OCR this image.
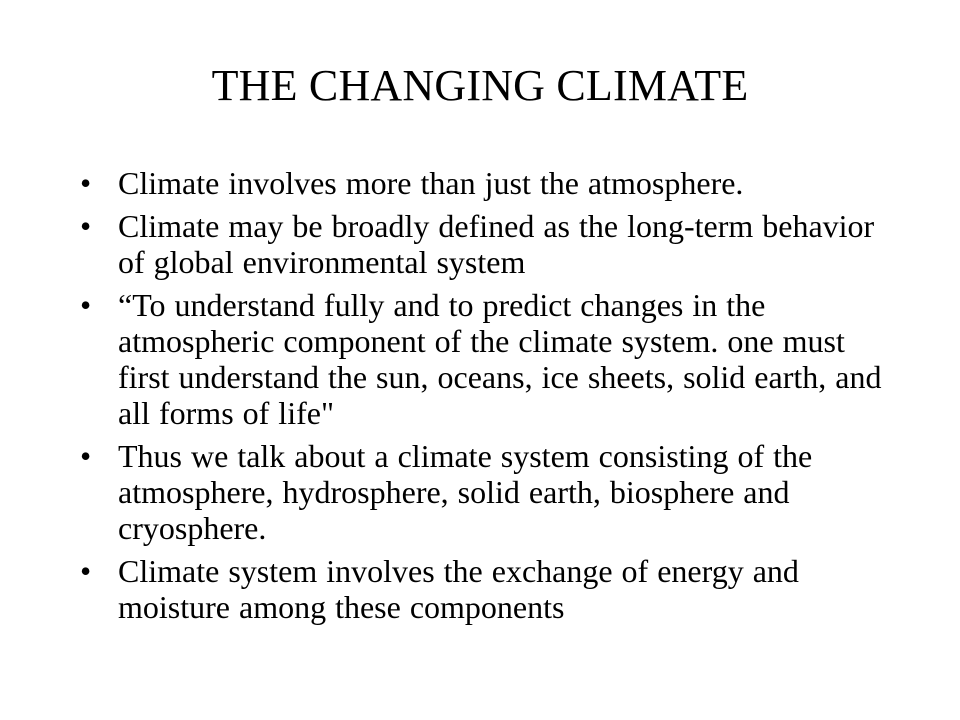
THE CHANGING CLIMATE
• Climate involves more than just the atmosphere.
• Climate may be broadly defined as the long-term behavior of global environmental system
• “To understand fully and to predict changes in the atmospheric component of the climate system. one must first understand the sun, oceans, ice sheets, solid earth, and all forms of life"
• Thus we talk about a climate system consisting of the atmosphere, hydrosphere, solid earth, biosphere and cryosphere.
• Climate system involves the exchange of energy and moisture among these components
